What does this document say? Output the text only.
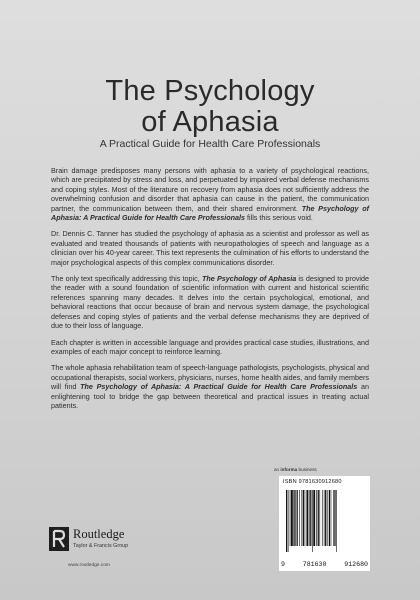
The Psychology
of Aphasia
A Practical Guide for Health Care Professionals

Brain damage predisposes many persons with aphasia to a variety of psychological reactions, which are precipitated by stress and loss, and perpetuated by impaired verbal defense mechanisms and coping styles. Most of the literature on recovery from aphasia does not sufficiently address the overwhelming confusion and disorder that aphasia can cause in the patient, the communication partner, the communication between them, and their shared environment. The Psychology of Aphasia: A Practical Guide for Health Care Professionals fills this serious void.

Dr. Dennis C. Tanner has studied the psychology of aphasia as a scientist and professor as well as evaluated and treated thousands of patients with neuropathologies of speech and language as a clinician over his 40-year career. This text represents the culmination of his efforts to understand the major psychological aspects of this complex communications disorder.

The only text specifically addressing this topic, The Psychology of Aphasia is designed to provide the reader with a sound foundation of scientific information with current and historical scientific references spanning many decades. It delves into the certain psychological, emotional, and behavioral reactions that occur because of brain and nervous system damage, the psychological defenses and coping styles of patients and the verbal defense mechanisms they are deprived of due to their loss of language.

Each chapter is written in accessible language and provides practical case studies, illustrations, and examples of each major concept to reinforce learning.

The whole aphasia rehabilitation team of speech-language pathologists, psychologists, physical and occupational therapists, social workers, physicians, nurses, home health aides, and family members will find The Psychology of Aphasia: A Practical Guide for Health Care Professionals an enlightening tool to bridge the gap between theoretical and practical issues in treating actual patients.

an informa business
ISBN 9781630912680
9	781630	912680
Routledge
Taylor & Francis Group
www.routledge.com
